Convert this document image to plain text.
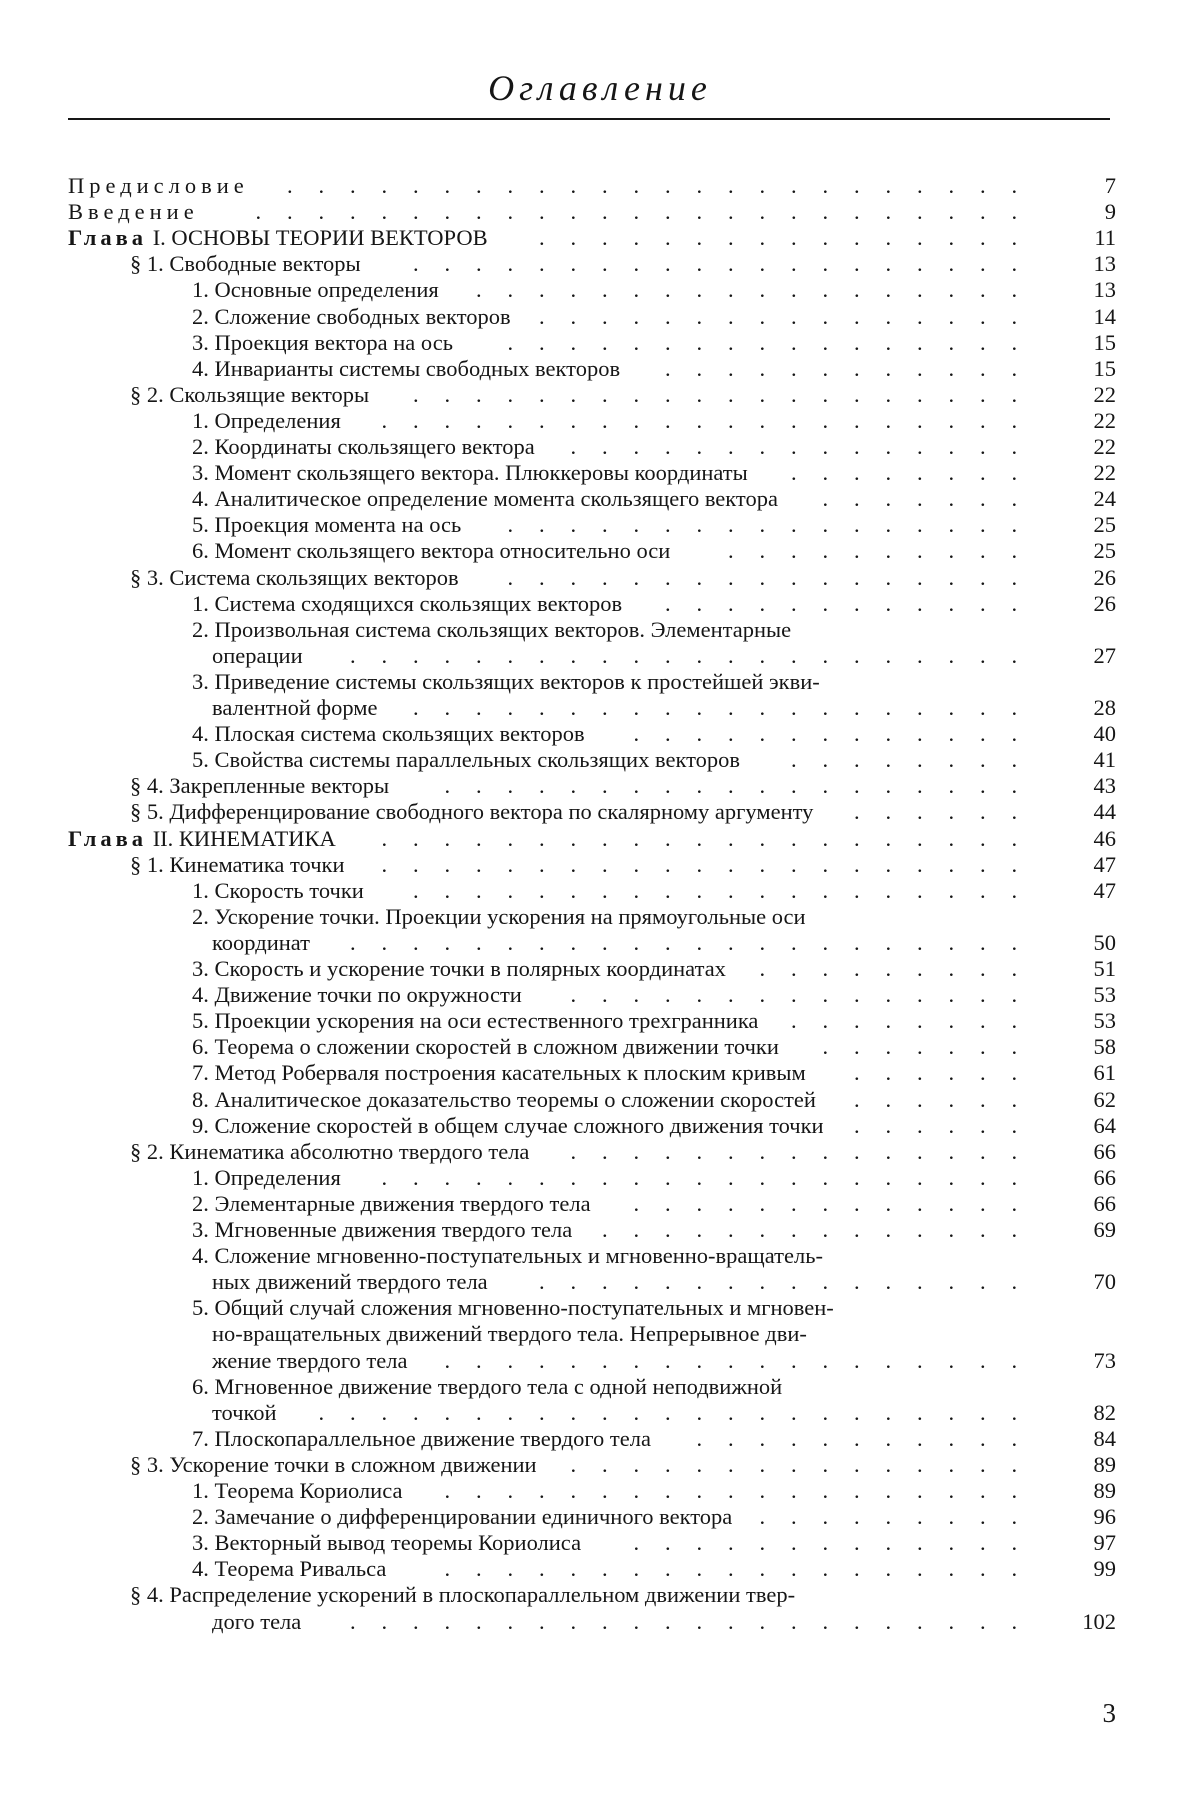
Оглавление
Предисловие	. . . . . . . . . . . . . . . . . . . . . . . .	7
Введение	. . . . . . . . . . . . . . . . . . . . . . . . .	9
Глава I. ОСНОВЫ ТЕОРИИ ВЕКТОРОВ	. . . . . . . . . . . . . . . .	11
§ 1. Свободные векторы	. . . . . . . . . . . . . . . . . . . .	13
1. Основные определения	. . . . . . . . . . . . . . . . . .	13
2. Сложение свободных векторов	. . . . . . . . . . . . . . . .	14
3. Проекция вектора на ось	. . . . . . . . . . . . . . . . .	15
4. Инварианты системы свободных векторов	. . . . . . . . . . . .	15
§ 2. Скользящие векторы	. . . . . . . . . . . . . . . . . . . .	22
1. Определения	. . . . . . . . . . . . . . . . . . . . .	22
2. Координаты скользящего вектора	. . . . . . . . . . . . . . .	22
3. Момент скользящего вектора. Плюккеровы координаты	. . . . . . . .	22
4. Аналитическое определение момента скользящего вектора	. . . . . . .	24
5. Проекция момента на ось	. . . . . . . . . . . . . . . . .	25
6. Момент скользящего вектора относительно оси	. . . . . . . . . .	25
§ 3. Система скользящих векторов	. . . . . . . . . . . . . . . . .	26
1. Система сходящихся скользящих векторов	. . . . . . . . . . . .	26
2. Произвольная система скользящих векторов. Элементарные
операции	. . . . . . . . . . . . . . . . . . . . . .	27
3. Приведение системы скользящих векторов к простейшей экви-
валентной форме	. . . . . . . . . . . . . . . . . . . .	28
4. Плоская система скользящих векторов	. . . . . . . . . . . . .	40
5. Свойства системы параллельных скользящих векторов	. . . . . . . .	41
§ 4. Закрепленные векторы	. . . . . . . . . . . . . . . . . . .	43
§ 5. Дифференцирование свободного вектора по скалярному аргументу	. . . . . .	44
Глава II. КИНЕМАТИКА	. . . . . . . . . . . . . . . . . . . . .	46
§ 1. Кинематика точки	. . . . . . . . . . . . . . . . . . . . .	47
1. Скорость точки	. . . . . . . . . . . . . . . . . . . .	47
2. Ускорение точки. Проекции ускорения на прямоугольные оси
координат	. . . . . . . . . . . . . . . . . . . . . .	50
3. Скорость и ускорение точки в полярных координатах	. . . . . . . . .	51
4. Движение точки по окружности	. . . . . . . . . . . . . . .	53
5. Проекции ускорения на оси естественного трехгранника	. . . . . . . .	53
6. Теорема о сложении скоростей в сложном движении точки	. . . . . . .	58
7. Метод Роберваля построения касательных к плоским кривым	. . . . . .	61
8. Аналитическое доказательство теоремы о сложении скоростей	. . . . . .	62
9. Сложение скоростей в общем случае сложного движения точки	. . . . . .	64
§ 2. Кинематика абсолютно твердого тела	. . . . . . . . . . . . . . .	66
1. Определения	. . . . . . . . . . . . . . . . . . . . .	66
2. Элементарные движения твердого тела	. . . . . . . . . . . . .	66
3. Мгновенные движения твердого тела	. . . . . . . . . . . . . .	69
4. Сложение мгновенно-поступательных и мгновенно-вращатель-
ных движений твердого тела	. . . . . . . . . . . . . . . .	70
5. Общий случай сложения мгновенно-поступательных и мгновен-
но-вращательных движений твердого тела. Непрерывное дви-
жение твердого тела	. . . . . . . . . . . . . . . . . . .	73
6. Мгновенное движение твердого тела с одной неподвижной
точкой	. . . . . . . . . . . . . . . . . . . . . . .	82
7. Плоскопараллельное движение твердого тела	. . . . . . . . . . .	84
§ 3. Ускорение точки в сложном движении	. . . . . . . . . . . . . . .	89
1. Теорема Кориолиса	. . . . . . . . . . . . . . . . . . .	89
2. Замечание о дифференцировании единичного вектора	. . . . . . . . .	96
3. Векторный вывод теоремы Кориолиса	. . . . . . . . . . . . .	97
4. Теорема Ривальса	. . . . . . . . . . . . . . . . . . .	99
§ 4. Распределение ускорений в плоскопараллельном движении твер-
дого тела	. . . . . . . . . . . . . . . . . . . . . .	102
3
